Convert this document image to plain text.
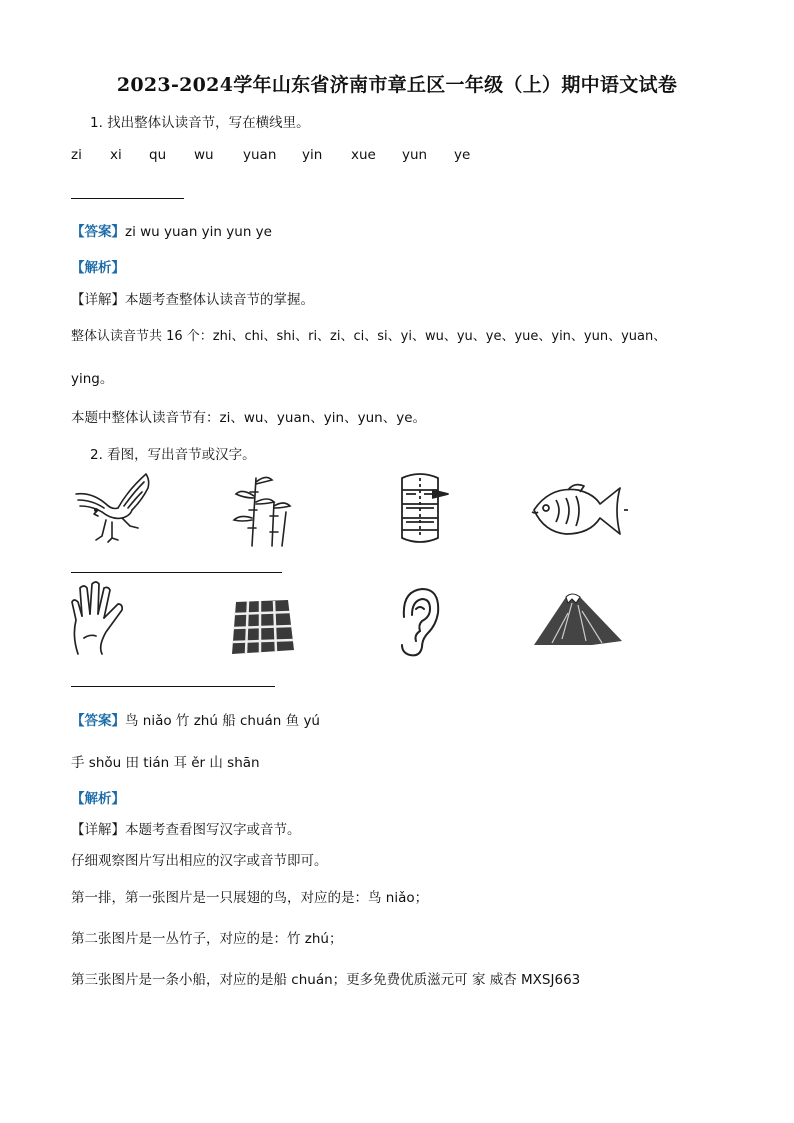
2023-2024学年山东省济南市章丘区一年级（上）期中语文试卷
1. 找出整体认读音节，写在横线里。
zi xi qu wu yuan yin xue yun ye
【答案】zi wu yuan yin yun ye
【解析】
【详解】本题考查整体认读音节的掌握。
整体认读音节共 16 个：zhi、chi、shi、ri、zi、ci、si、yi、wu、yu、ye、yue、yin、yun、yuan、
ying。
本题中整体认读音节有：zi、wu、yuan、yin、yun、ye。
2. 看图，写出音节或汉字。
【答案】鸟 niǎo 竹 zhú 船 chuán 鱼 yú
手 shǒu 田 tián 耳 ěr 山 shān
【解析】
【详解】本题考查看图写汉字或音节。
仔细观察图片写出相应的汉字或音节即可。
第一排，第一张图片是一只展翅的鸟，对应的是：鸟 niǎo；
第二张图片是一丛竹子，对应的是：竹 zhú；
第三张图片是一条小船，对应的是船 chuán；更多免费优质滋元可 家 威杏 MXSJ663
